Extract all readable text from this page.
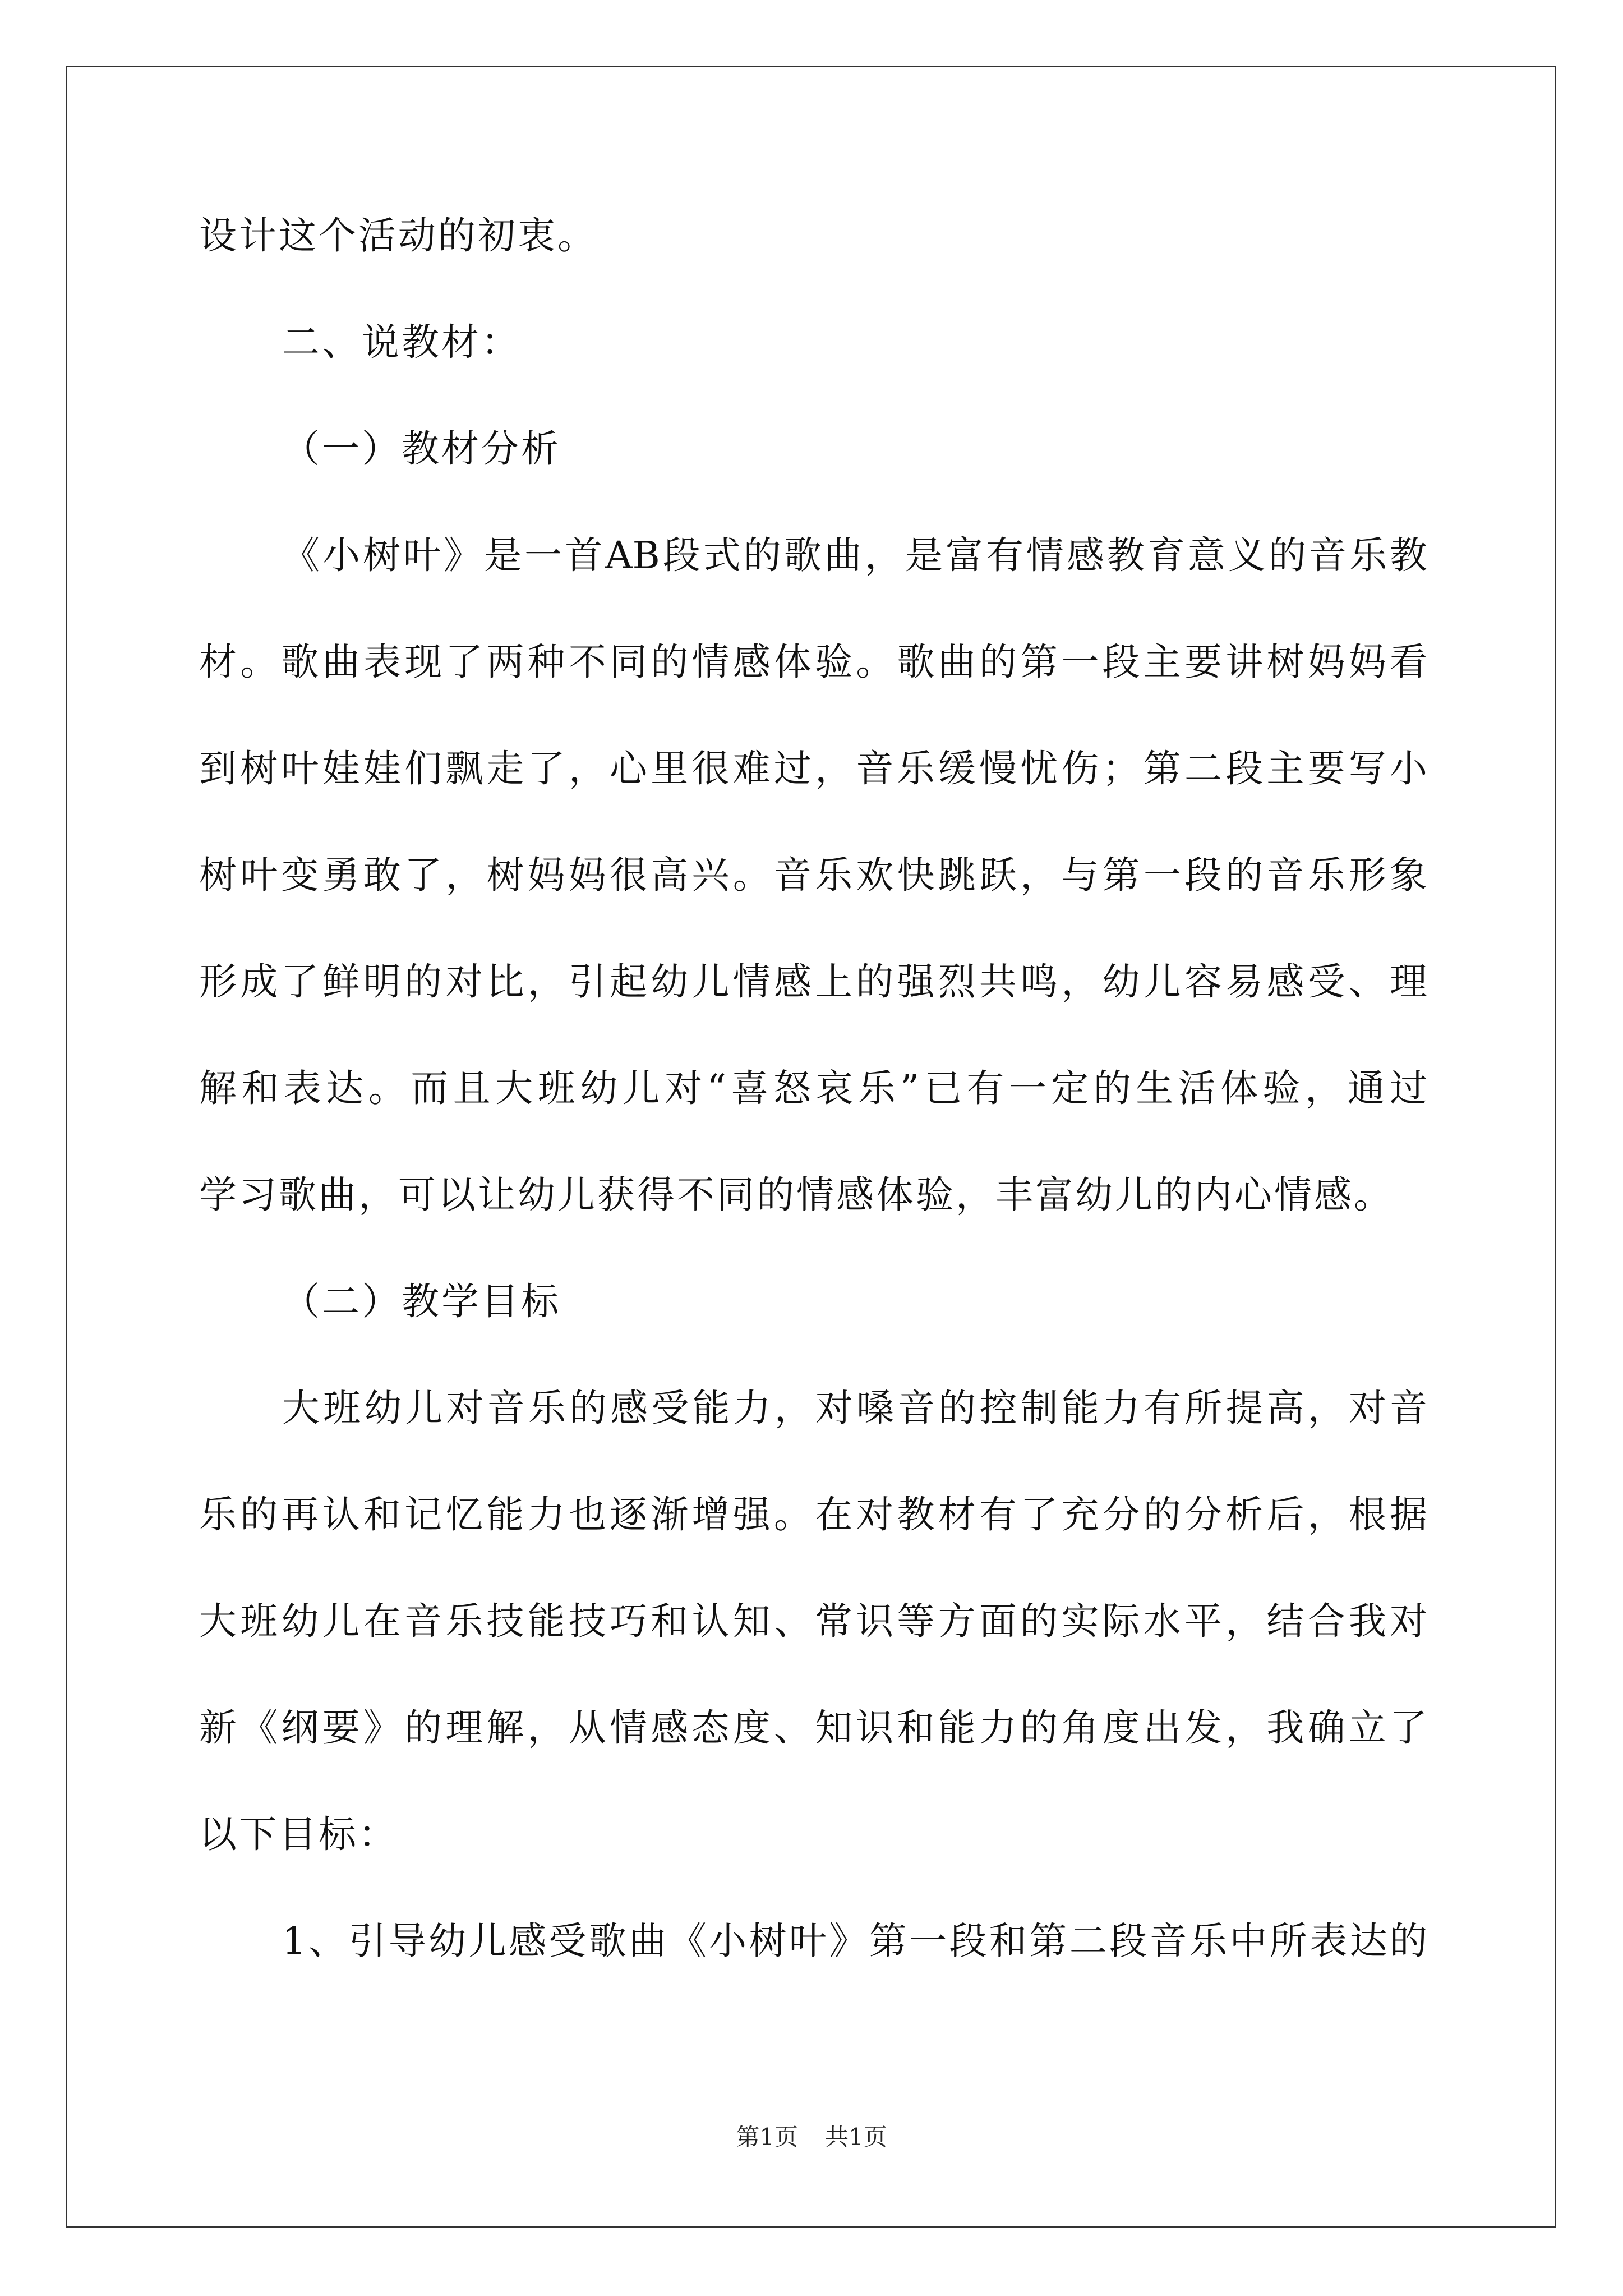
设计这个活动的初衷。
二、说教材：
（一）教材分析
《小树叶》是一首AB段式的歌曲，是富有情感教育意义的音乐教
材。歌曲表现了两种不同的情感体验。歌曲的第一段主要讲树妈妈看
到树叶娃娃们飘走了，心里很难过，音乐缓慢忧伤；第二段主要写小
树叶变勇敢了，树妈妈很高兴。音乐欢快跳跃，与第一段的音乐形象
形成了鲜明的对比，引起幼儿情感上的强烈共鸣，幼儿容易感受、理
解和表达。而且大班幼儿对“喜怒哀乐”已有一定的生活体验，通过
学习歌曲，可以让幼儿获得不同的情感体验，丰富幼儿的内心情感。
（二）教学目标
大班幼儿对音乐的感受能力，对嗓音的控制能力有所提高，对音
乐的再认和记忆能力也逐渐增强。在对教材有了充分的分析后，根据
大班幼儿在音乐技能技巧和认知、常识等方面的实际水平，结合我对
新《纲要》的理解，从情感态度、知识和能力的角度出发，我确立了
以下目标：
1、引导幼儿感受歌曲《小树叶》第一段和第二段音乐中所表达的
第1页 共1页
